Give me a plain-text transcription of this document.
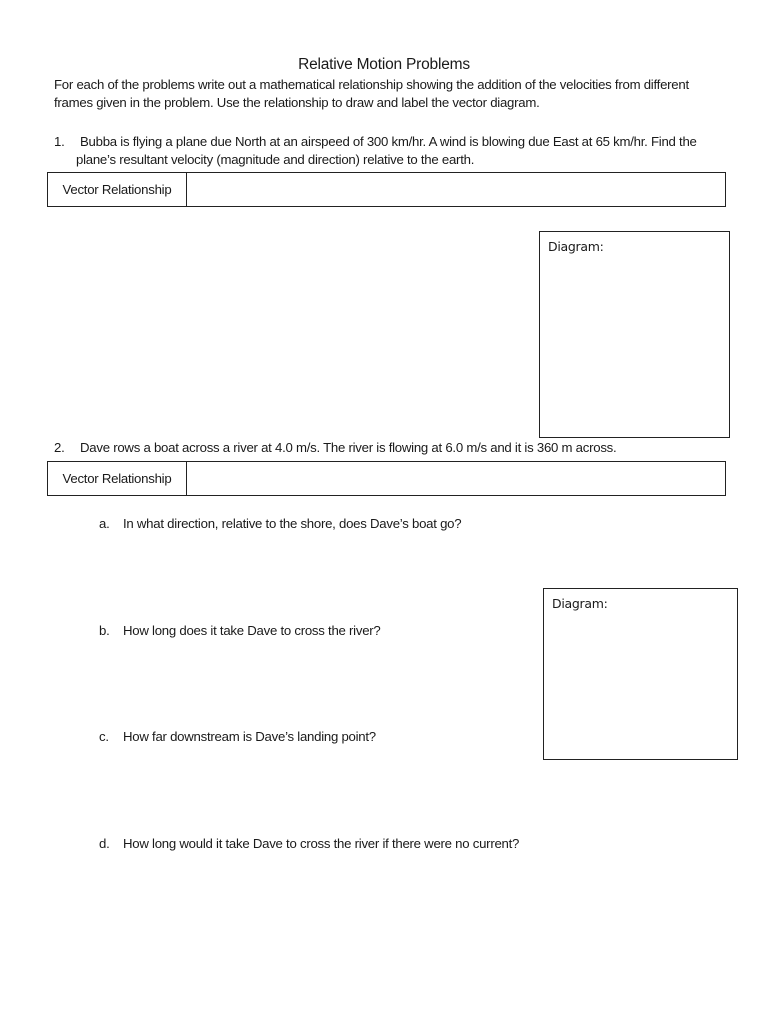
Relative Motion Problems
For each of the problems write out a mathematical relationship showing the addition of the velocities from different frames given in the problem. Use the relationship to draw and label the vector diagram.
1. Bubba is flying a plane due North at an airspeed of 300 km/hr. A wind is blowing due East at 65 km/hr. Find the
plane’s resultant velocity (magnitude and direction) relative to the earth.
Vector Relationship
Diagram:
2. Dave rows a boat across a river at 4.0 m/s. The river is flowing at 6.0 m/s and it is 360 m across.
Vector Relationship
a. In what direction, relative to the shore, does Dave’s boat go?
Diagram:
b. How long does it take Dave to cross the river?
c. How far downstream is Dave’s landing point?
d. How long would it take Dave to cross the river if there were no current?
